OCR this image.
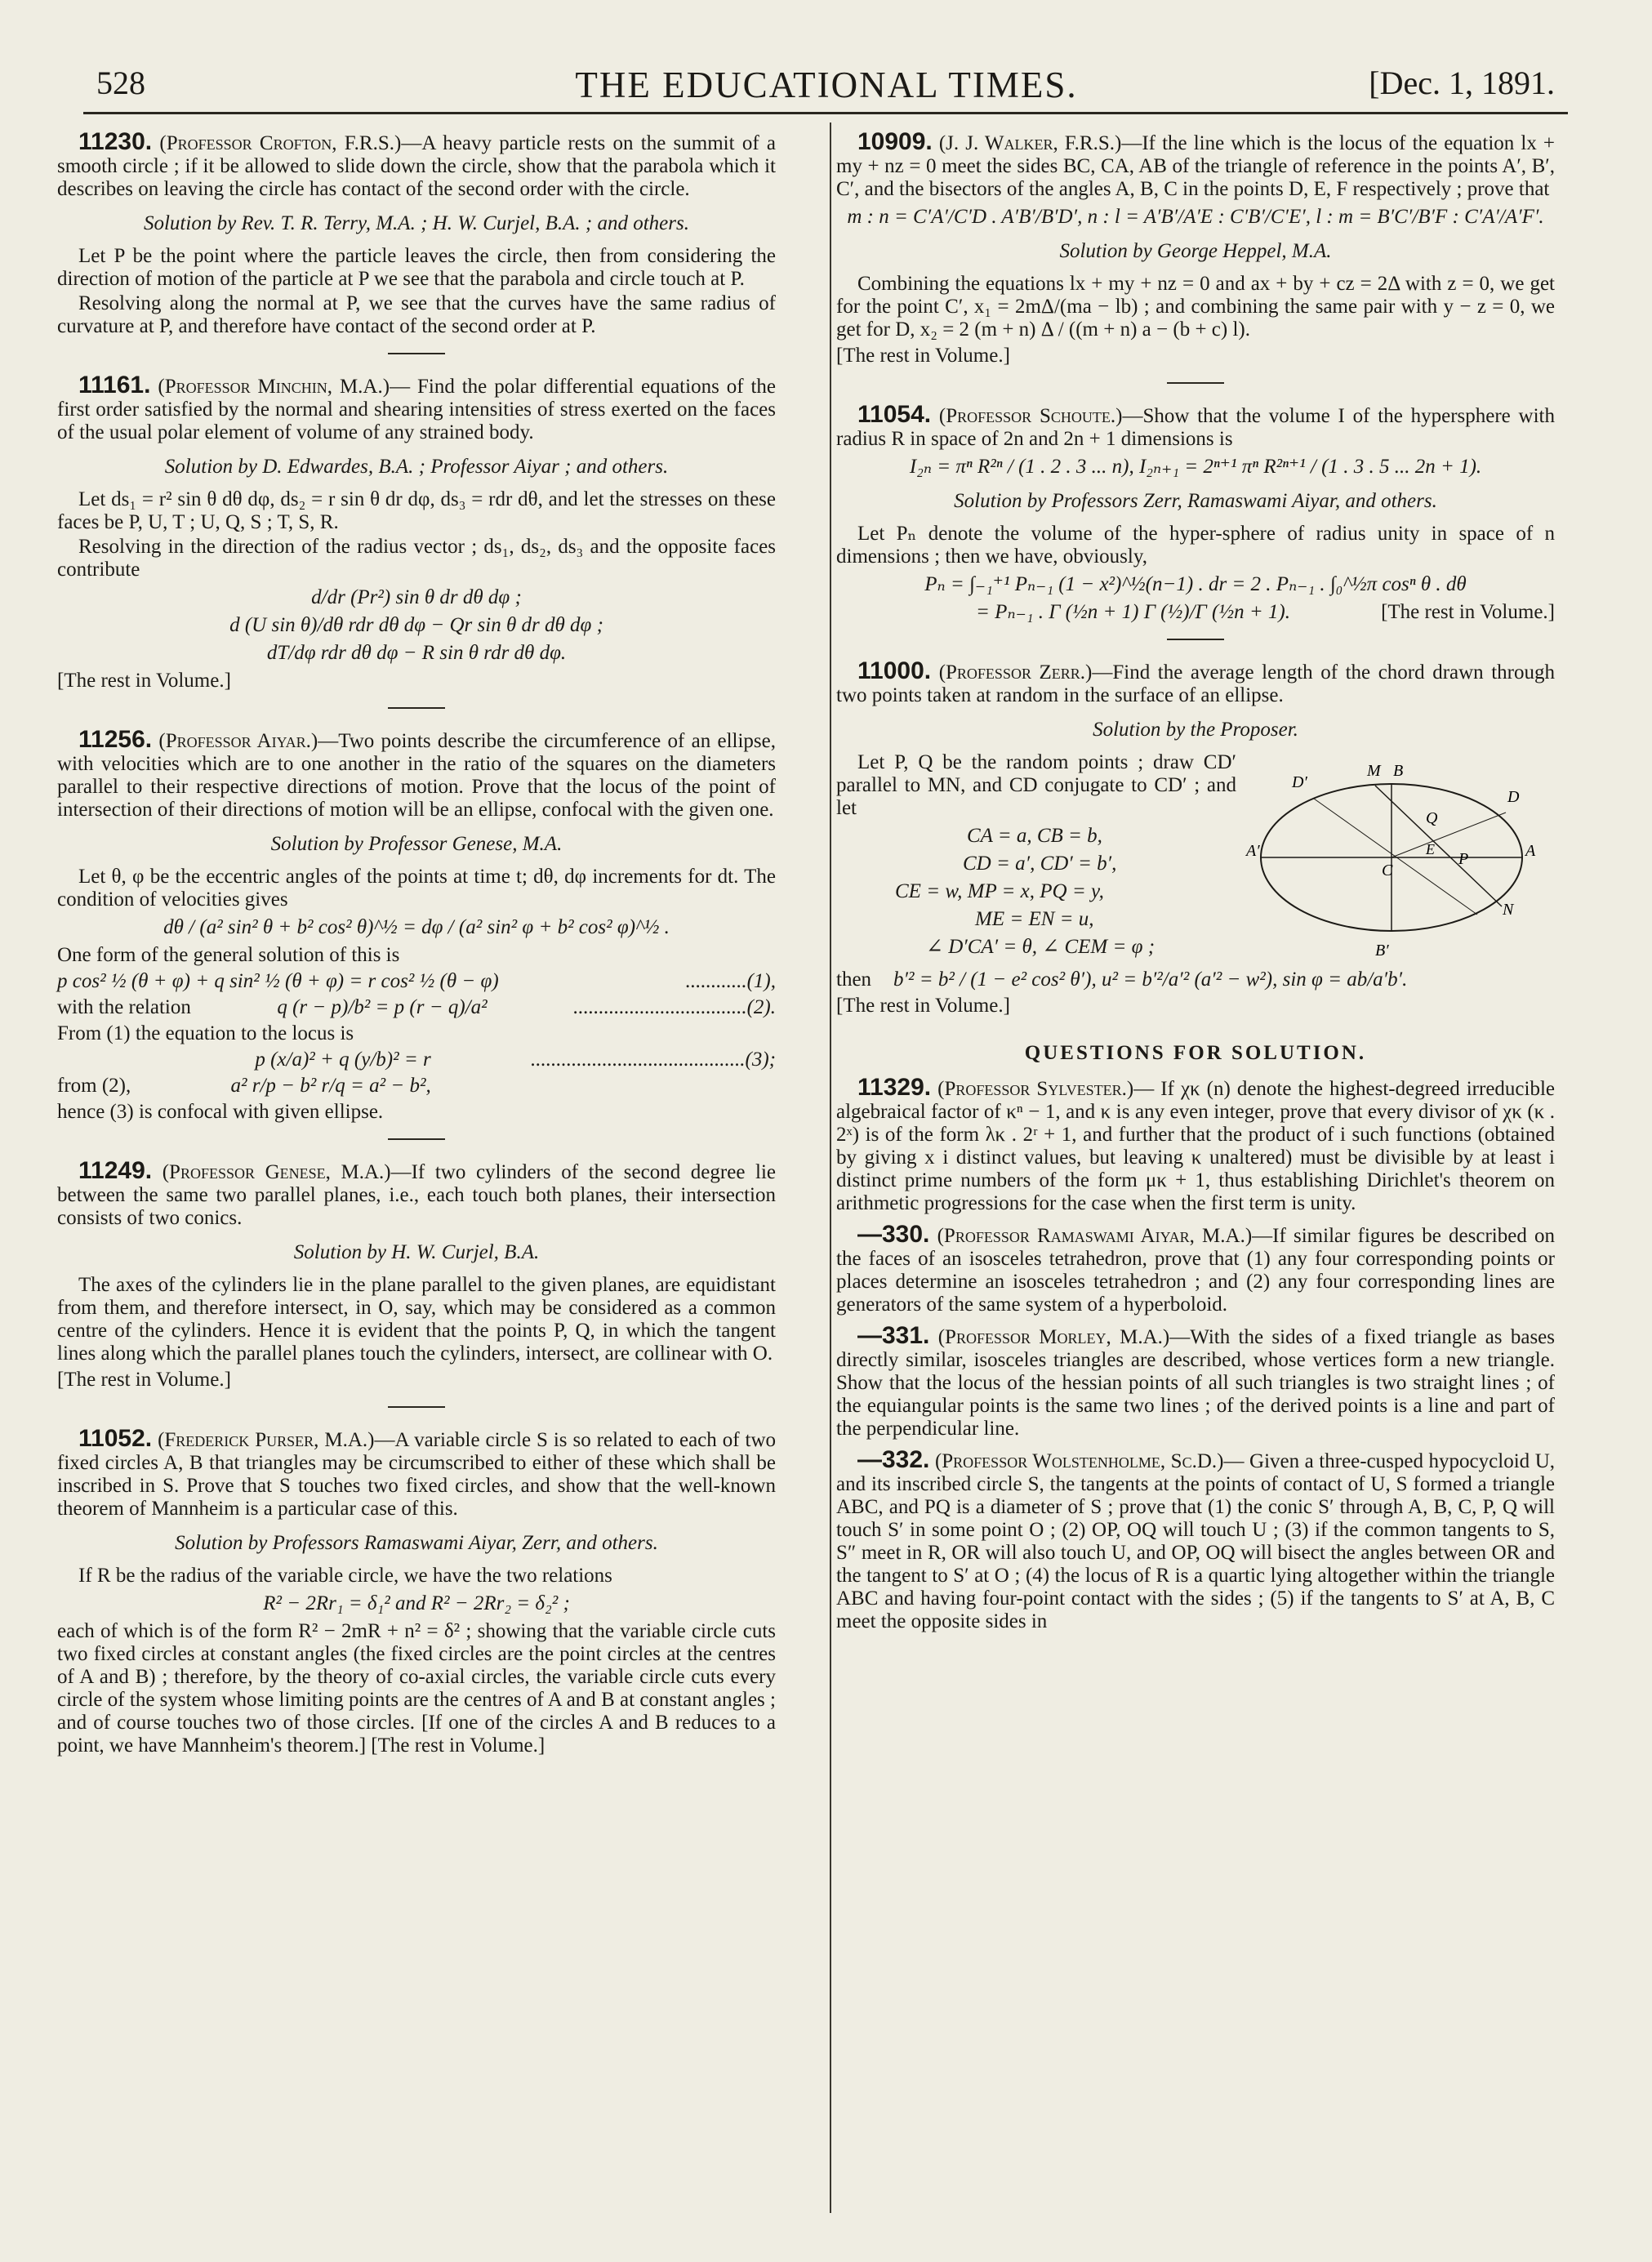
528	THE EDUCATIONAL TIMES.	[Dec. 1, 1891.

11230. (Professor Crofton, F.R.S.)—A heavy particle rests on the summit of a smooth circle ; if it be allowed to slide down the circle, show that the parabola which it describes on leaving the circle has contact of the second order with the circle.

Solution by Rev. T. R. Terry, M.A. ; H. W. Curjel, B.A. ; and others.

Let P be the point where the particle leaves the circle, then from considering the direction of motion of the particle at P we see that the parabola and circle touch at P.

Resolving along the normal at P, we see that the curves have the same radius of curvature at P, and therefore have contact of the second order at P.

11161. (Professor Minchin, M.A.)— Find the polar differential equations of the first order satisfied by the normal and shearing intensities of stress exerted on the faces of the usual polar element of volume of any strained body.

Solution by D. Edwardes, B.A. ; Professor Aiyar ; and others.

Let ds₁ = r² sin θ dθ dφ, ds₂ = r sin θ dr dφ, ds₃ = rdr dθ, and let the stresses on these faces be P, U, T ; U, Q, S ; T, S, R.

Resolving in the direction of the radius vector ; ds₁, ds₂, ds₃ and the opposite faces contribute

d/dr (Pr²) sin θ dr dθ dφ ;

d (U sin θ)/dθ rdr dθ dφ − Qr sin θ dr dθ dφ ;

dT/dφ rdr dθ dφ − R sin θ rdr dθ dφ.

[The rest in Volume.]

11256. (Professor Aiyar.)—Two points describe the circumference of an ellipse, with velocities which are to one another in the ratio of the squares on the diameters parallel to their respective directions of motion. Prove that the locus of the point of intersection of their directions of motion will be an ellipse, confocal with the given one.

Solution by Professor Genese, M.A.

Let θ, φ be the eccentric angles of the points at time t; dθ, dφ increments for dt. The condition of velocities gives

dθ / (a² sin² θ + b² cos² θ)^½ = dφ / (a² sin² φ + b² cos² φ)^½ .

One form of the general solution of this is

p cos² ½ (θ + φ) + q sin² ½ (θ + φ) = r cos² ½ (θ − φ)	............(1),
with the relation	q (r − p)/b² = p (r − q)/a²	..................................(2).

From (1) the equation to the locus is

p (x/a)² + q (y/b)² = r	..........................................(3);
from (2),	a² r/p − b² r/q = a² − b²,

hence (3) is confocal with given ellipse.

11249. (Professor Genese, M.A.)—If two cylinders of the second degree lie between the same two parallel planes, i.e., each touch both planes, their intersection consists of two conics.

Solution by H. W. Curjel, B.A.

The axes of the cylinders lie in the plane parallel to the given planes, are equidistant from them, and therefore intersect, in O, say, which may be considered as a common centre of the cylinders. Hence it is evident that the points P, Q, in which the tangent lines along which the parallel planes touch the cylinders, intersect, are collinear with O.

[The rest in Volume.]

11052. (Frederick Purser, M.A.)—A variable circle S is so related to each of two fixed circles A, B that triangles may be circumscribed to either of these which shall be inscribed in S. Prove that S touches two fixed circles, and show that the well-known theorem of Mannheim is a particular case of this.

Solution by Professors Ramaswami Aiyar, Zerr, and others.

If R be the radius of the variable circle, we have the two relations

R² − 2Rr₁ = δ₁² and R² − 2Rr₂ = δ₂² ;

each of which is of the form R² − 2mR + n² = δ² ; showing that the variable circle cuts two fixed circles at constant angles (the fixed circles are the point circles at the centres of A and B) ; therefore, by the theory of co-axial circles, the variable circle cuts every circle of the system whose limiting points are the centres of A and B at constant angles ; and of course touches two of those circles. [If one of the circles A and B reduces to a point, we have Mannheim's theorem.] [The rest in Volume.]

10909. (J. J. Walker, F.R.S.)—If the line which is the locus of the equation lx + my + nz = 0 meet the sides BC, CA, AB of the triangle of reference in the points A′, B′, C′, and the bisectors of the angles A, B, C in the points D, E, F respectively ; prove that

m : n = C′A′/C′D . A′B′/B′D′, n : l = A′B′/A′E : C′B′/C′E′, l : m = B′C′/B′F : C′A′/A′F′.

Solution by George Heppel, M.A.

Combining the equations lx + my + nz = 0 and ax + by + cz = 2Δ with z = 0, we get for the point C′, x₁ = 2mΔ/(ma − lb) ; and combining the same pair with y − z = 0, we get for D, x₂ = 2 (m + n) Δ / ((m + n) a − (b + c) l).

[The rest in Volume.]

11054. (Professor Schoute.)—Show that the volume I of the hypersphere with radius R in space of 2n and 2n + 1 dimensions is

I₂ₙ = πⁿ R²ⁿ / (1 . 2 . 3 ... n), I₂ₙ₊₁ = 2ⁿ⁺¹ πⁿ R²ⁿ⁺¹ / (1 . 3 . 5 ... 2n + 1).

Solution by Professors Zerr, Ramaswami Aiyar, and others.

Let Pₙ denote the volume of the hyper-sphere of radius unity in space of n dimensions ; then we have, obviously,

Pₙ = ∫₋₁⁺¹ Pₙ₋₁ (1 − x²)^½(n−1) . dr = 2 . Pₙ₋₁ . ∫₀^½π cosⁿ θ . dθ

= Pₙ₋₁ . Γ (½n + 1) Γ (½)/Γ (½n + 1).	[The rest in Volume.]

11000. (Professor Zerr.)—Find the average length of the chord drawn through two points taken at random in the surface of an ellipse.

Solution by the Proposer.

D′
M B
D
Q
E
P
A′
C
A
N
B′

Let P, Q be the random points ; draw CD′ parallel to MN, and CD conjugate to CD′ ; and let

CA = a, CB = b,

CD = a′, CD′ = b′,

CE = w, MP = x, PQ = y,

ME = EN = u,

∠ D′CA′ = θ, ∠ CEM = φ ;

then	b′² = b² / (1 − e² cos² θ′), u² = b′²/a′² (a′² − w²), sin φ = ab/a′b′.

[The rest in Volume.]

QUESTIONS FOR SOLUTION.

11329. (Professor Sylvester.)— If χκ (n) denote the highest-degreed irreducible algebraical factor of κⁿ − 1, and κ is any even integer, prove that every divisor of χκ (κ . 2ˣ) is of the form λκ . 2ʳ + 1, and further that the product of i such functions (obtained by giving x i distinct values, but leaving κ unaltered) must be divisible by at least i distinct prime numbers of the form μκ + 1, thus establishing Dirichlet's theorem on arithmetic progressions for the case when the first term is unity.

—330. (Professor Ramaswami Aiyar, M.A.)—If similar figures be described on the faces of an isosceles tetrahedron, prove that (1) any four corresponding points or places determine an isosceles tetrahedron ; and (2) any four corresponding lines are generators of the same system of a hyperboloid.

—331. (Professor Morley, M.A.)—With the sides of a fixed triangle as bases directly similar, isosceles triangles are described, whose vertices form a new triangle. Show that the locus of the hessian points of all such triangles is two straight lines ; of the equiangular points is the same two lines ; of the derived points is a line and part of the perpendicular line.

—332. (Professor Wolstenholme, Sc.D.)— Given a three-cusped hypocycloid U, and its inscribed circle S, the tangents at the points of contact of U, S formed a triangle ABC, and PQ is a diameter of S ; prove that (1) the conic S′ through A, B, C, P, Q will touch S′ in some point O ; (2) OP, OQ will touch U ; (3) if the common tangents to S, S″ meet in R, OR will also touch U, and OP, OQ will bisect the angles between OR and the tangent to S′ at O ; (4) the locus of R is a quartic lying altogether within the triangle ABC and having four-point contact with the sides ; (5) if the tangents to S′ at A, B, C meet the opposite sides in
